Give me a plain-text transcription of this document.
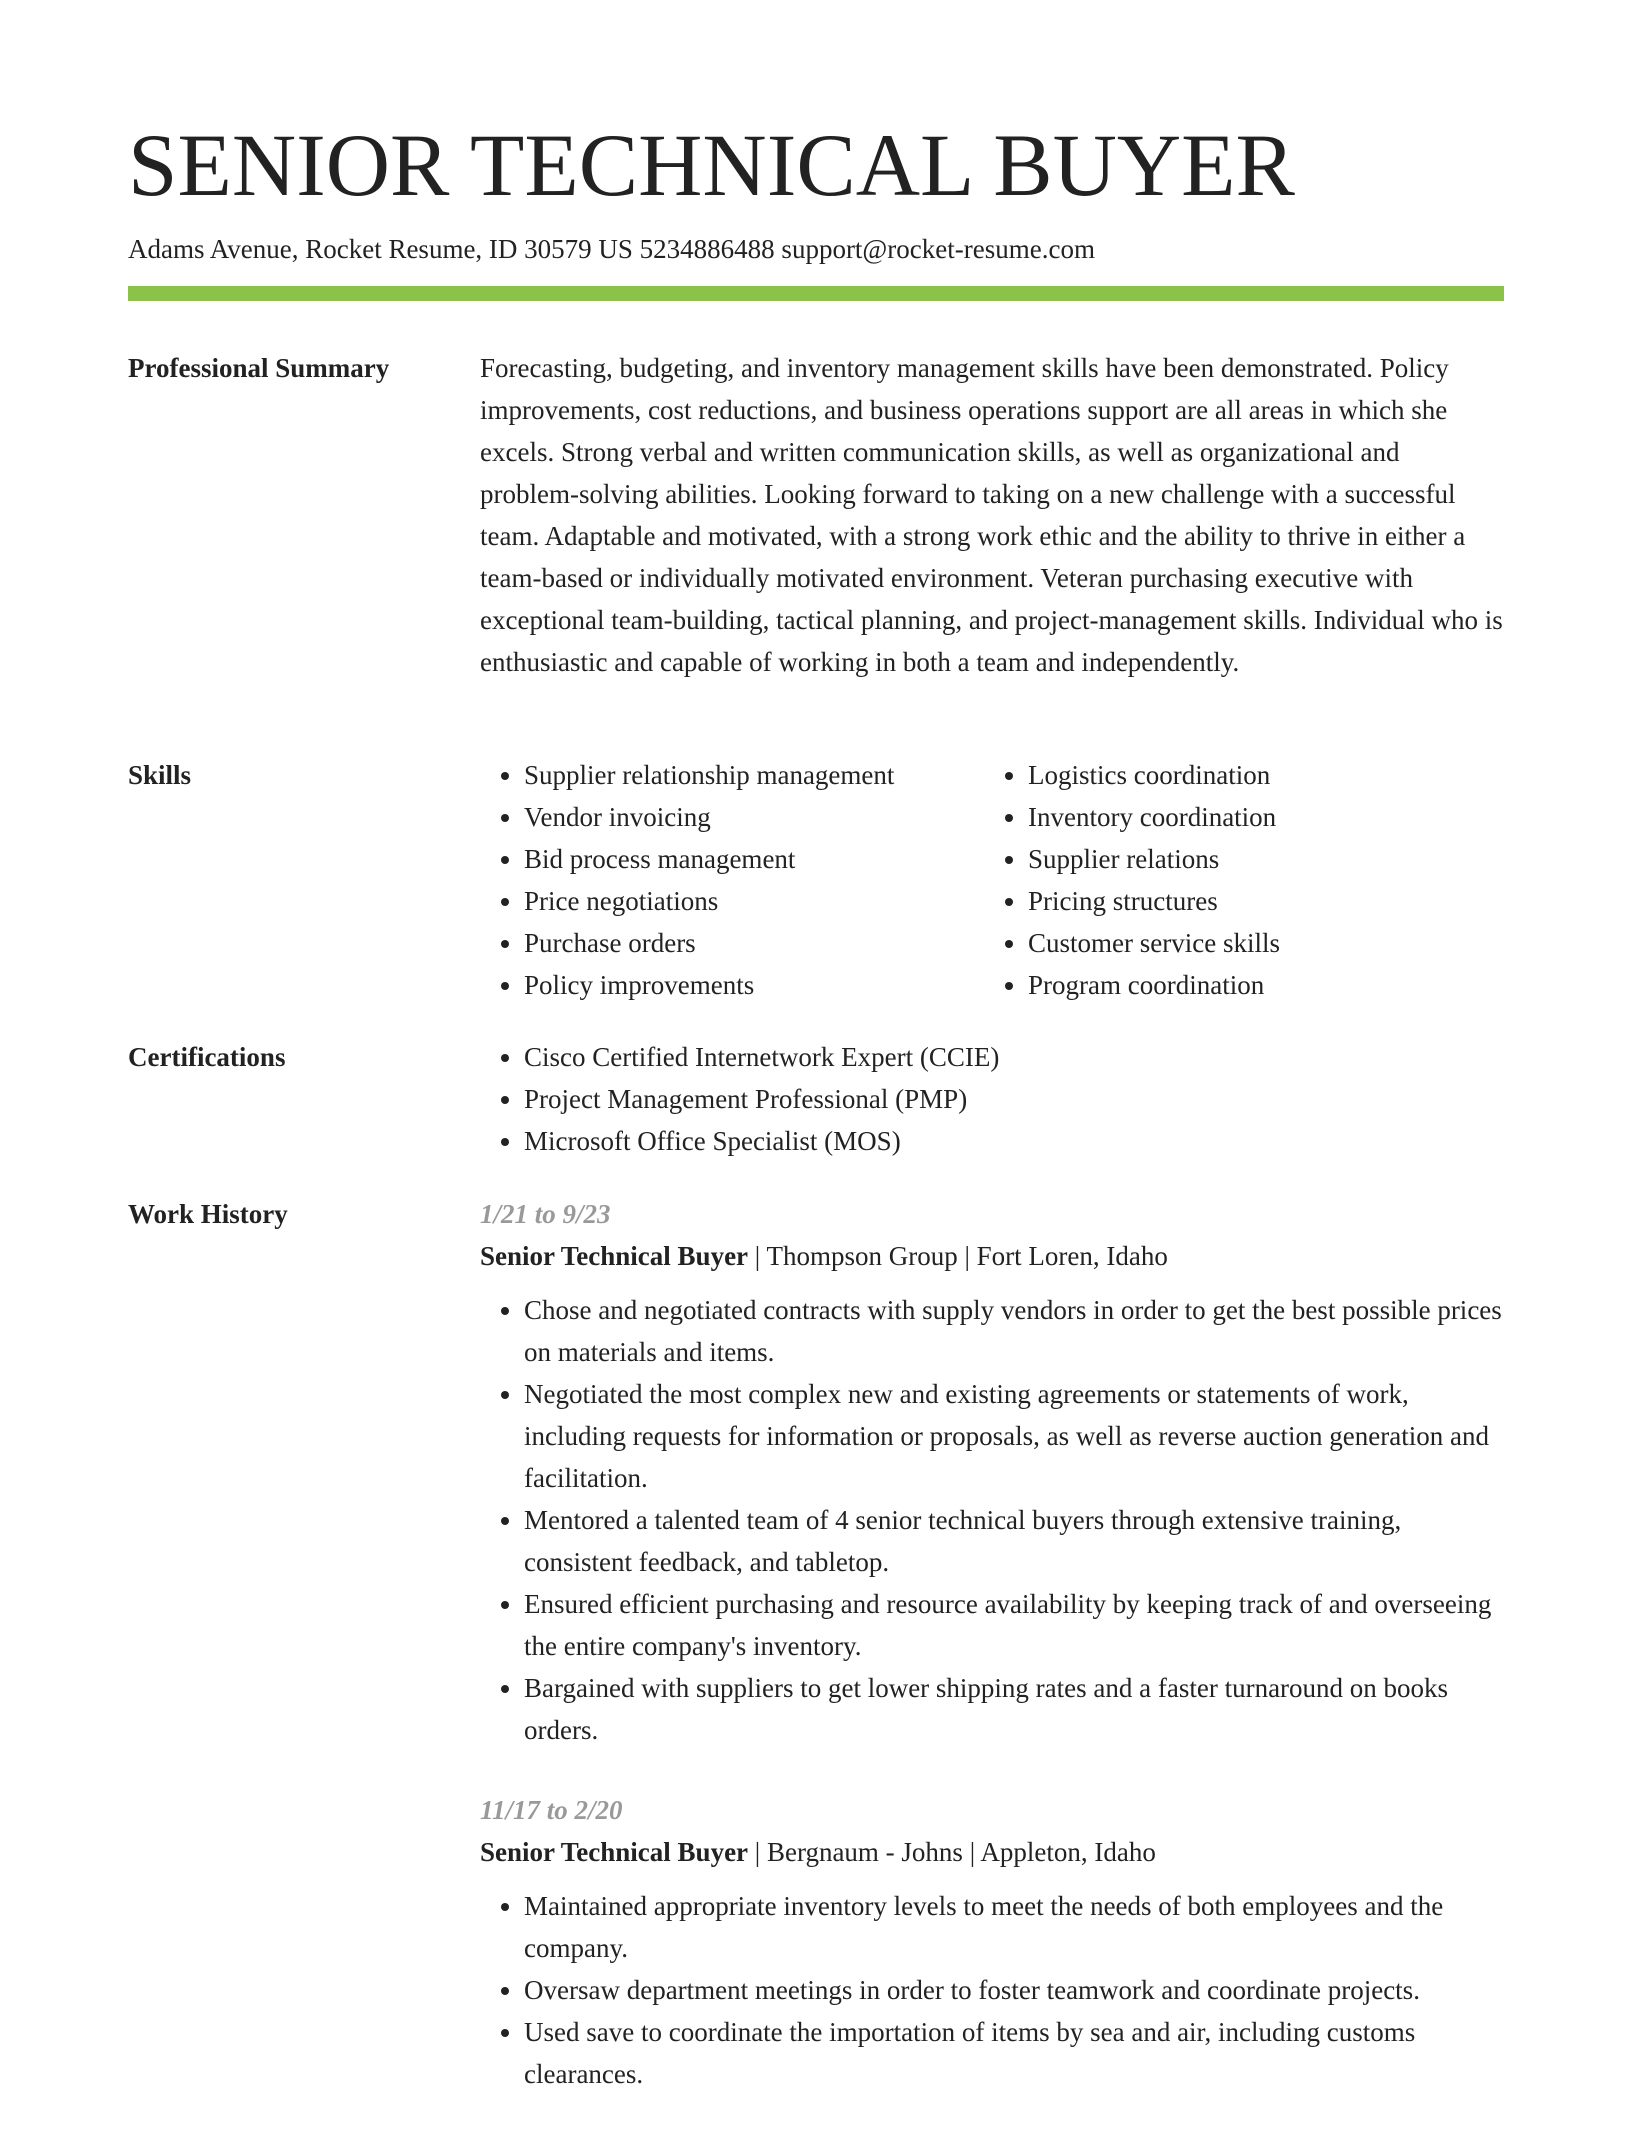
SENIOR TECHNICAL BUYER

Adams Avenue, Rocket Resume, ID 30579 US 5234886488 support@rocket-resume.com

Professional Summary	Forecasting, budgeting, and inventory management skills have been demonstrated. Policy improvements, cost reductions, and business operations support are all areas in which she excels. Strong verbal and written communication skills, as well as organizational and problem-solving abilities. Looking forward to taking on a new challenge with a successful team. Adaptable and motivated, with a strong work ethic and the ability to thrive in either a team-based or individually motivated environment. Veteran purchasing executive with exceptional team-building, tactical planning, and project-management skills. Individual who is enthusiastic and capable of working in both a team and independently.

Skills	• Supplier relationship management
• Vendor invoicing
• Bid process management
• Price negotiations
• Purchase orders
• Policy improvements
• Logistics coordination
• Inventory coordination
• Supplier relations
• Pricing structures
• Customer service skills
• Program coordination
Certifications	• Cisco Certified Internetwork Expert (CCIE)
• Project Management Professional (PMP)
• Microsoft Office Specialist (MOS)
Work History	1/21 to 9/23
Senior Technical Buyer | Thompson Group | Fort Loren, Idaho
• Chose and negotiated contracts with supply vendors in order to get the best possible prices on materials and items.
• Negotiated the most complex new and existing agreements or statements of work, including requests for information or proposals, as well as reverse auction generation and facilitation.
• Mentored a talented team of 4 senior technical buyers through extensive training, consistent feedback, and tabletop.
• Ensured efficient purchasing and resource availability by keeping track of and overseeing the entire company's inventory.
• Bargained with suppliers to get lower shipping rates and a faster turnaround on books orders.
11/17 to 2/20
Senior Technical Buyer | Bergnaum - Johns | Appleton, Idaho
• Maintained appropriate inventory levels to meet the needs of both employees and the company.
• Oversaw department meetings in order to foster teamwork and coordinate projects.
• Used save to coordinate the importation of items by sea and air, including customs clearances.
